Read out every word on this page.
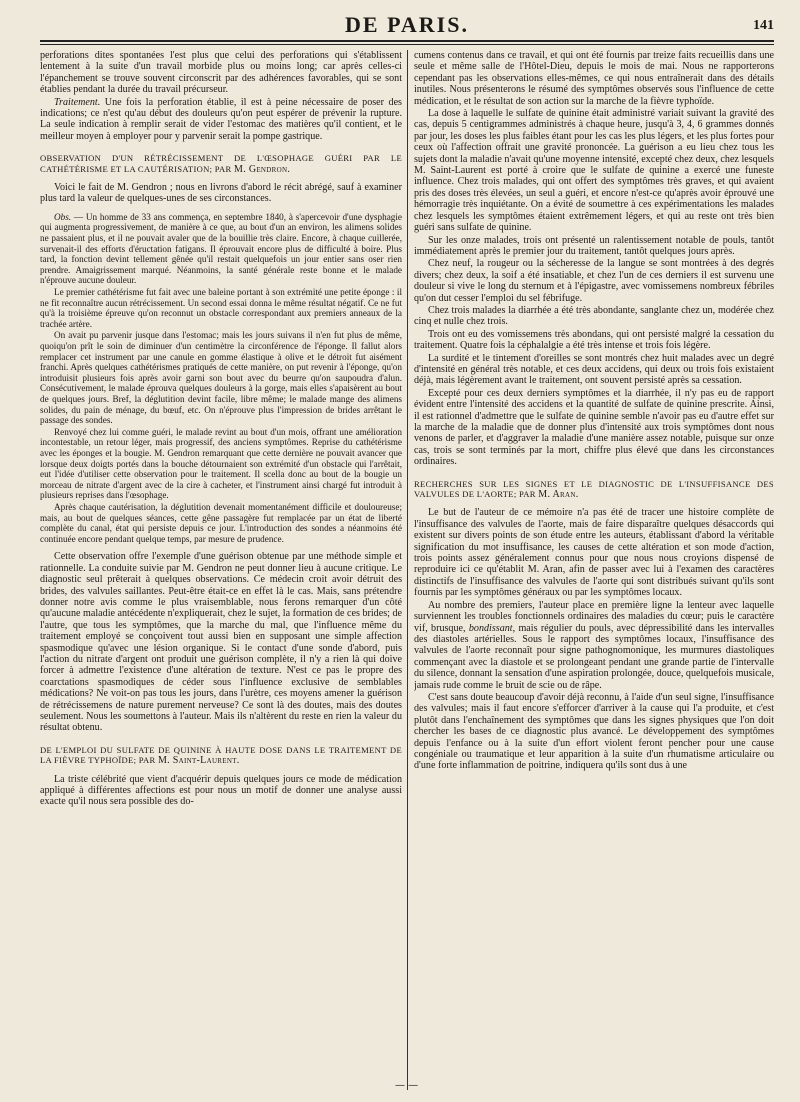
DE PARIS.	141

perforations dites spontanées l'est plus que celui des perforations qui s'établissent lentement à la suite d'un travail morbide plus ou moins long; car après celles-ci l'épanchement se trouve souvent circonscrit par des adhérences favorables, qui se sont établies pendant la durée du travail précurseur.

Traitement. Une fois la perforation établie, il est à peine nécessaire de poser des indications; ce n'est qu'au début des douleurs qu'on peut espérer de prévenir la rupture. La seule indication à remplir serait de vider l'estomac des matières qu'il contient, et le meilleur moyen à employer pour y parvenir serait la pompe gastrique.

OBSERVATION D'UN RÉTRÉCISSEMENT DE L'ŒSOPHAGE GUÉRI PAR LE CATHÉTÉRISME ET LA CAUTÉRISATION; PAR M. Gendron.

Voici le fait de M. Gendron ; nous en livrons d'abord le récit abrégé, sauf à examiner plus tard la valeur de quelques-unes de ses circonstances.

Obs. — Un homme de 33 ans commença, en septembre 1840, à s'apercevoir d'une dysphagie qui augmenta progressivement, de manière à ce que, au bout d'un an environ, les alimens solides ne passaient plus, et il ne pouvait avaler que de la bouillie très claire. Encore, à chaque cuillerée, survenait-il des efforts d'éructation fatigans. Il éprouvait encore plus de difficulté à boire. Plus tard, la fonction devint tellement gênée qu'il restait quelquefois un jour entier sans oser rien prendre. Amaigrissement marqué. Néanmoins, la santé générale reste bonne et le malade n'éprouve aucune douleur.

Le premier cathétérisme fut fait avec une baleine portant à son extrémité une petite éponge : il ne fit reconnaître aucun rétrécissement. Un second essai donna le même résultat négatif. Ce ne fut qu'à la troisième épreuve qu'on reconnut un obstacle correspondant aux premiers anneaux de la trachée artère.

On avait pu parvenir jusque dans l'estomac; mais les jours suivans il n'en fut plus de même, quoiqu'on prît le soin de diminuer d'un centimètre la circonférence de l'éponge. Il fallut alors remplacer cet instrument par une canule en gomme élastique à olive et le détroit fut aisément franchi. Après quelques cathétérismes pratiqués de cette manière, on put revenir à l'éponge, qu'on introduisit plusieurs fois après avoir garni son bout avec du beurre qu'on saupoudra d'alun. Consécutivement, le malade éprouva quelques douleurs à la gorge, mais elles s'apaisèrent au bout de quelques jours. Bref, la déglutition devint facile, libre même; le malade mange des alimens solides, du pain de ménage, du bœuf, etc. On n'éprouve plus l'impression de brides arrêtant le passage des sondes.

Renvoyé chez lui comme guéri, le malade revint au bout d'un mois, offrant une amélioration incontestable, un retour léger, mais progressif, des anciens symptômes. Reprise du cathétérisme avec les éponges et la bougie. M. Gendron remarquant que cette dernière ne pouvait avancer que lorsque deux doigts portés dans la bouche détournaient son extrémité d'un obstacle qui l'arrêtait, eut l'idée d'utiliser cette observation pour le traitement. Il scella donc au bout de la bougie un morceau de nitrate d'argent avec de la cire à cacheter, et l'instrument ainsi chargé fut introduit à plusieurs reprises dans l'œsophage.

Après chaque cautérisation, la déglutition devenait momentanément difficile et douloureuse; mais, au bout de quelques séances, cette gêne passagère fut remplacée par un état de liberté complète du canal, état qui persiste depuis ce jour. L'introduction des sondes a néanmoins été continuée encore pendant quelque temps, par mesure de prudence.

Cette observation offre l'exemple d'une guérison obtenue par une méthode simple et rationnelle. La conduite suivie par M. Gendron ne peut donner lieu à aucune critique. Le diagnostic seul prêterait à quelques observations. Ce médecin croit avoir détruit des brides, des valvules saillantes. Peut-être était-ce en effet là le cas. Mais, sans prétendre donner notre avis comme le plus vraisemblable, nous ferons remarquer d'un côté qu'aucune maladie antécédente n'expliquerait, chez le sujet, la formation de ces brides; de l'autre, que tous les symptômes, que la marche du mal, que l'influence même du traitement employé se conçoivent tout aussi bien en supposant une simple affection spasmodique qu'avec une lésion organique. Si le contact d'une sonde d'abord, puis l'action du nitrate d'argent ont produit une guérison complète, il n'y a rien là qui doive forcer à admettre l'existence d'une altération de texture. N'est ce pas le propre des coarctations spasmodiques de céder sous l'influence exclusive de semblables médications? Ne voit-on pas tous les jours, dans l'urètre, ces moyens amener la guérison de rétrécissemens de nature purement nerveuse? Ce sont là des doutes, mais des doutes seulement. Nous les soumettons à l'auteur. Mais ils n'altèrent du reste en rien la valeur du résultat obtenu.

DE L'EMPLOI DU SULFATE DE QUININE À HAUTE DOSE DANS LE TRAITEMENT DE LA FIÈVRE TYPHOÏDE; PAR M. Saint-Laurent.

La triste célébrité que vient d'acquérir depuis quelques jours ce mode de médication appliqué à différentes affections est pour nous un motif de donner une analyse aussi exacte qu'il nous sera possible des do-

cumens contenus dans ce travail, et qui ont été fournis par treize faits recueillis dans une seule et même salle de l'Hôtel-Dieu, depuis le mois de mai. Nous ne rapporterons cependant pas les observations elles-mêmes, ce qui nous entraînerait dans des détails inutiles. Nous présenterons le résumé des symptômes observés sous l'influence de cette médication, et le résultat de son action sur la marche de la fièvre typhoïde.

La dose à laquelle le sulfate de quinine était administré variait suivant la gravité des cas, depuis 5 centigrammes administrés à chaque heure, jusqu'à 3, 4, 6 grammes donnés par jour, les doses les plus faibles étant pour les cas les plus légers, et les plus fortes pour ceux où l'affection offrait une gravité prononcée. La guérison a eu lieu chez tous les sujets dont la maladie n'avait qu'une moyenne intensité, excepté chez deux, chez lesquels M. Saint-Laurent est porté à croire que le sulfate de quinine a exercé une funeste influence. Chez trois malades, qui ont offert des symptômes très graves, et qui avaient pris des doses très élevées, un seul a guéri, et encore n'est-ce qu'après avoir éprouvé une hémorragie très inquiétante. On a évité de soumettre à ces expérimentations les malades chez lesquels les symptômes étaient extrêmement légers, et qui au reste ont très bien guéri sans sulfate de quinine.

Sur les onze malades, trois ont présenté un ralentissement notable de pouls, tantôt immédiatement après le premier jour du traitement, tantôt quelques jours après.

Chez neuf, la rougeur ou la sécheresse de la langue se sont montrées à des degrés divers; chez deux, la soif a été insatiable, et chez l'un de ces derniers il est survenu une douleur si vive le long du sternum et à l'épigastre, avec vomissemens nombreux fébriles qu'on dut cesser l'emploi du sel fébrifuge.

Chez trois malades la diarrhée a été très abondante, sanglante chez un, modérée chez cinq et nulle chez trois.

Trois ont eu des vomissemens très abondans, qui ont persisté malgré la cessation du traitement. Quatre fois la céphalalgie a été très intense et trois fois légère.

La surdité et le tintement d'oreilles se sont montrés chez huit malades avec un degré d'intensité en général très notable, et ces deux accidens, qui deux ou trois fois existaient déjà, mais légèrement avant le traitement, ont souvent persisté après sa cessation.

Excepté pour ces deux derniers symptômes et la diarrhée, il n'y pas eu de rapport évident entre l'intensité des accidens et la quantité de sulfate de quinine prescrite. Ainsi, il est rationnel d'admettre que le sulfate de quinine semble n'avoir pas eu d'autre effet sur la marche de la maladie que de donner plus d'intensité aux trois symptômes dont nous venons de parler, et d'aggraver la maladie d'une manière assez notable, puisque sur onze cas, trois se sont terminés par la mort, chiffre plus élevé que dans les circonstances ordinaires.

RECHERCHES SUR LES SIGNES ET LE DIAGNOSTIC DE L'INSUFFISANCE DES VALVULES DE L'AORTE; PAR M. Aran.

Le but de l'auteur de ce mémoire n'a pas été de tracer une histoire complète de l'insuffisance des valvules de l'aorte, mais de faire disparaître quelques désaccords qui existent sur divers points de son étude entre les auteurs, établissant d'abord la véritable signification du mot insuffisance, les causes de cette altération et son mode d'action, trois points assez généralement connus pour que nous nous croyions dispensé de reproduire ici ce qu'établit M. Aran, afin de passer avec lui à l'examen des caractères distinctifs de l'insuffisance des valvules de l'aorte qui sont distribués suivant qu'ils sont fournis par les symptômes généraux ou par les symptômes locaux.

Au nombre des premiers, l'auteur place en première ligne la lenteur avec laquelle surviennent les troubles fonctionnels ordinaires des maladies du cœur; puis le caractère vif, brusque, bondissant, mais régulier du pouls, avec dépressibilité dans les intervalles des diastoles artérielles. Sous le rapport des symptômes locaux, l'insuffisance des valvules de l'aorte reconnaît pour signe pathognomonique, les murmures diastoliques commençant avec la diastole et se prolongeant pendant une grande partie de l'intervalle du silence, donnant la sensation d'une aspiration prolongée, douce, quelquefois musicale, jamais rude comme le bruit de scie ou de râpe.

C'est sans doute beaucoup d'avoir déjà reconnu, à l'aide d'un seul signe, l'insuffisance des valvules; mais il faut encore s'efforcer d'arriver à la cause qui l'a produite, et c'est plutôt dans l'enchaînement des symptômes que dans les signes physiques que l'on doit chercher les bases de ce diagnostic plus avancé. Le développement des symptômes depuis l'enfance ou à la suite d'un effort violent feront pencher pour une cause congéniale ou traumatique et leur apparition à la suite d'un rhumatisme articulaire ou d'une forte inflammation de poitrine, indiquera qu'ils sont dus à une

— —
